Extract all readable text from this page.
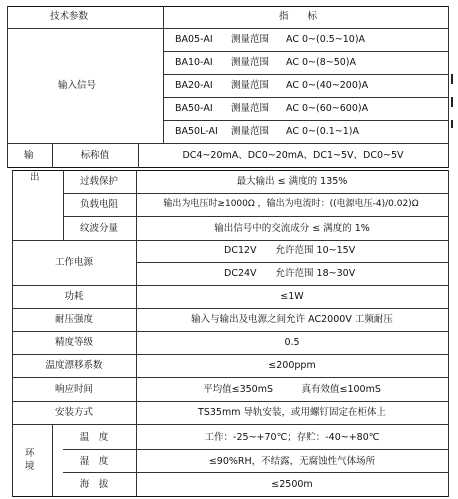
技术参数	指　　标
输入信号
BA05-AI 测量范围 AC 0~(0.5~10)A
BA10-AI 测量范围 AC 0~(8~50)A
BA20-AI 测量范围 AC 0~(40~200)A
BA50-AI 测量范围 AC 0~(60~600)A
BA50L-AI 测量范围 AC 0~(0.1~1)A
输	标称值	DC4~20mA、DC0~20mA、DC1~5V、DC0~5V
出	过载保护	最大输出 ≤ 满度的 135%
负载电阻	输出为电压时≥1000Ω ，输出为电流时：((电源电压-4)/0.02)Ω
纹波分量	输出信号中的交流成分 ≤ 满度的 1%
工作电源
DC12V　　允许范围 10~15V
DC24V　　允许范围 18~30V
功耗	≤1W
耐压强度	输入与输出及电源之间允许 AC2000V 工频耐压
精度等级	0.5
温度漂移系数	≤200ppm
响应时间	平均值≤350mS　　　真有效值≤100mS
安装方式	TS35mm 导轨安装，或用螺钉固定在柜体上
环
境
温　度	工作：-25~+70℃；存贮：-40~+80℃
湿　度	≤90%RH，不结露，无腐蚀性气体场所
海　拔	≤2500m
